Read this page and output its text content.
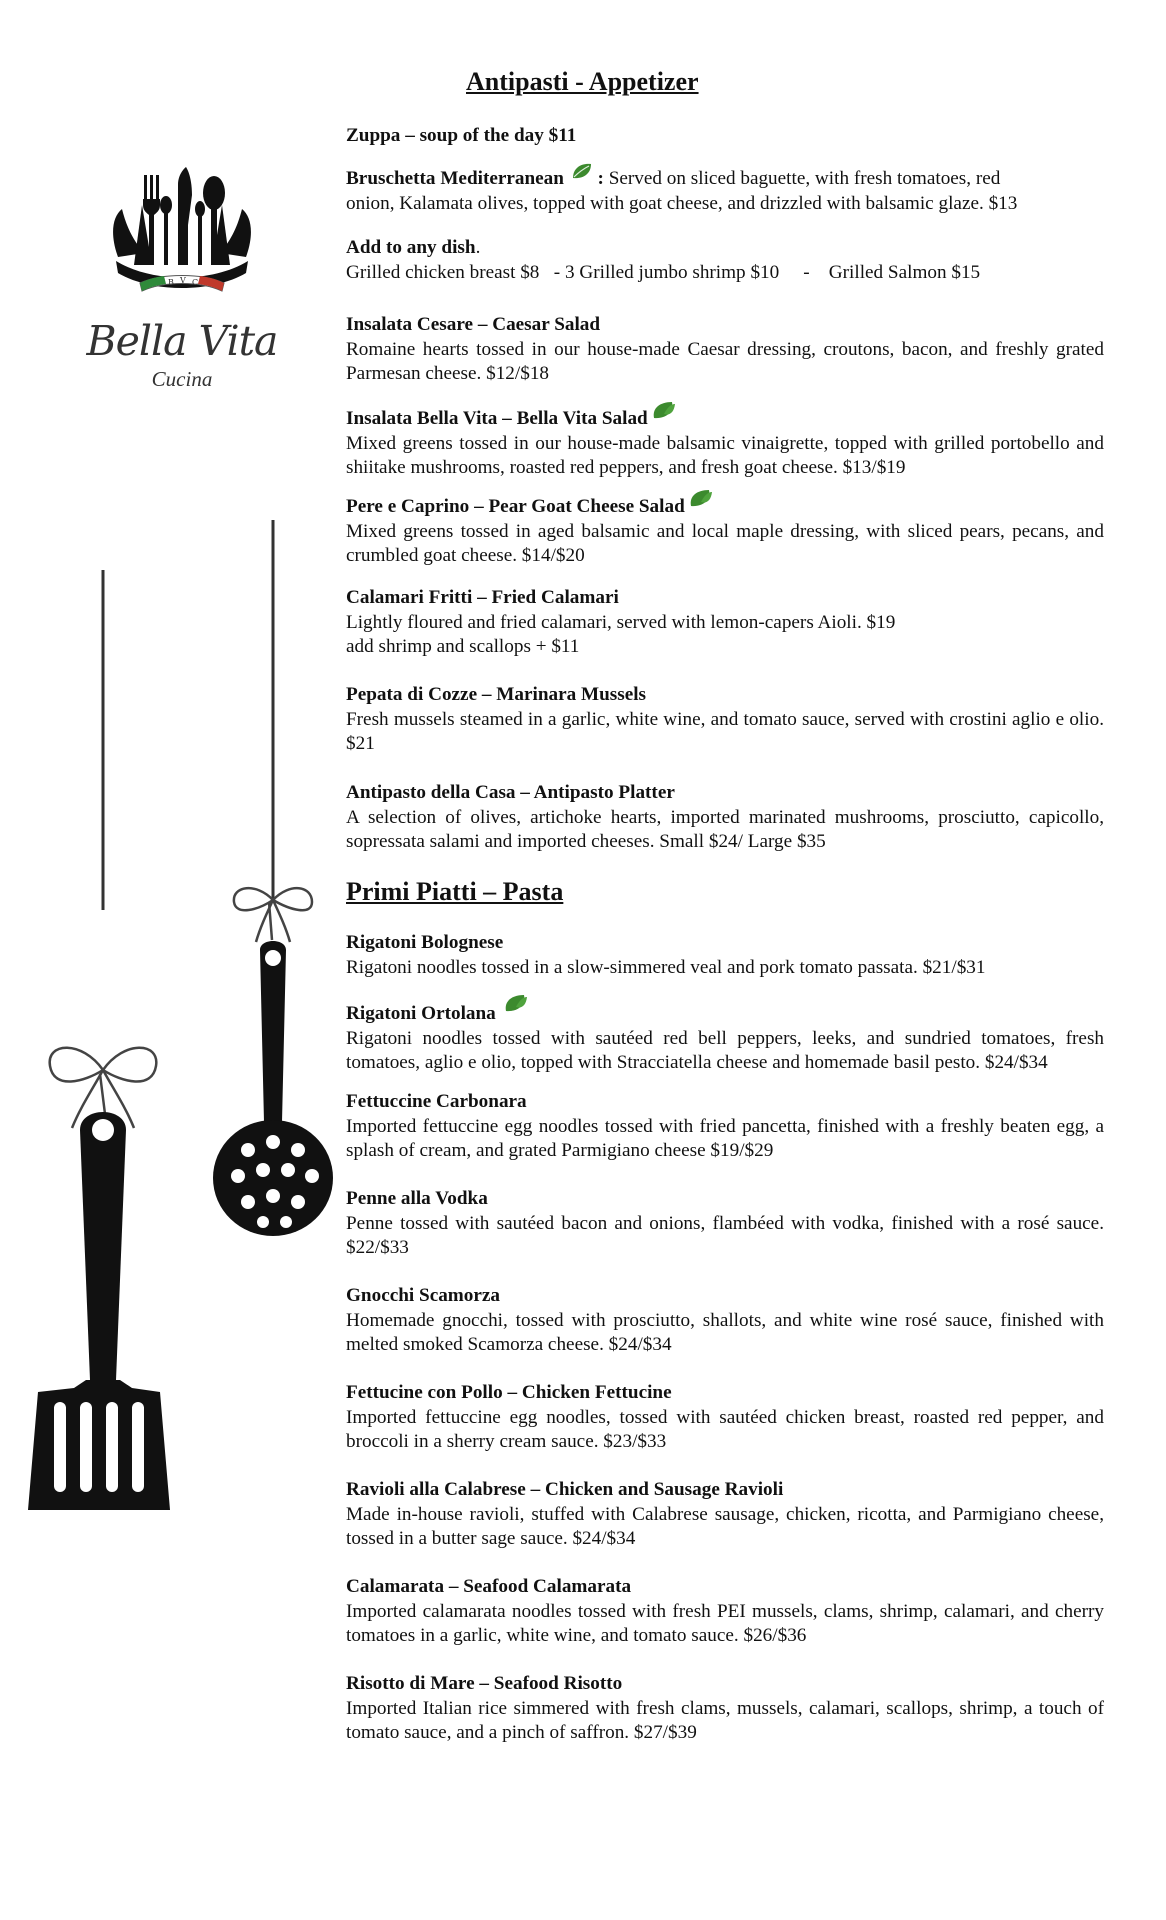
B V C
Bella Vita
Cucina
Antipasti - Appetizer
Zuppa – soup of the day $11

Bruschetta Mediterranean  : Served on sliced baguette, with fresh tomatoes, red
onion, Kalamata olives, topped with goat cheese, and drizzled with balsamic glaze. $13

Add to any dish.
Grilled chicken breast $8   - 3 Grilled jumbo shrimp $10     -    Grilled Salmon $15

Insalata Cesare – Caesar Salad

Romaine hearts tossed in our house-made Caesar dressing, croutons, bacon, and freshly grated Parmesan cheese. $12/$18

Insalata Bella Vita – Bella Vita Salad

Mixed greens tossed in our house-made balsamic vinaigrette, topped with grilled portobello and shiitake mushrooms, roasted red peppers, and fresh goat cheese. $13/$19

Pere e Caprino – Pear Goat Cheese Salad

Mixed greens tossed in aged balsamic and local maple dressing, with sliced pears, pecans, and crumbled goat cheese. $14/$20

Calamari Fritti – Fried Calamari

Lightly floured and fried calamari, served with lemon-capers Aioli. $19

add shrimp and scallops + $11

Pepata di Cozze – Marinara Mussels

Fresh mussels steamed in a garlic, white wine, and tomato sauce, served with crostini aglio e olio. $21

Antipasto della Casa – Antipasto Platter

A selection of olives, artichoke hearts, imported marinated mushrooms, prosciutto, capicollo, sopressata salami and imported cheeses. Small $24/ Large $35

Primi Piatti – Pasta
Rigatoni Bolognese

Rigatoni noodles tossed in a slow-simmered veal and pork tomato passata. $21/$31

Rigatoni Ortolana

Rigatoni noodles tossed with sautéed red bell peppers, leeks, and sundried tomatoes, fresh tomatoes, aglio e olio, topped with Stracciatella cheese and homemade basil pesto. $24/$34

Fettuccine Carbonara

Imported fettuccine egg noodles tossed with fried pancetta, finished with a freshly beaten egg, a splash of cream, and grated Parmigiano cheese $19/$29

Penne alla Vodka

Penne tossed with sautéed bacon and onions, flambéed with vodka, finished with a rosé sauce. $22/$33

Gnocchi Scamorza

Homemade gnocchi, tossed with prosciutto, shallots, and white wine rosé sauce, finished with melted smoked Scamorza cheese. $24/$34

Fettucine con Pollo – Chicken Fettucine

Imported fettuccine egg noodles, tossed with sautéed chicken breast, roasted red pepper, and broccoli in a sherry cream sauce. $23/$33

Ravioli alla Calabrese – Chicken and Sausage Ravioli

Made in-house ravioli, stuffed with Calabrese sausage, chicken, ricotta, and Parmigiano cheese, tossed in a butter sage sauce. $24/$34

Calamarata – Seafood Calamarata

Imported calamarata noodles tossed with fresh PEI mussels, clams, shrimp, calamari, and cherry tomatoes in a garlic, white wine, and tomato sauce. $26/$36

Risotto di Mare – Seafood Risotto

Imported Italian rice simmered with fresh clams, mussels, calamari, scallops, shrimp, a touch of tomato sauce, and a pinch of saffron. $27/$39
